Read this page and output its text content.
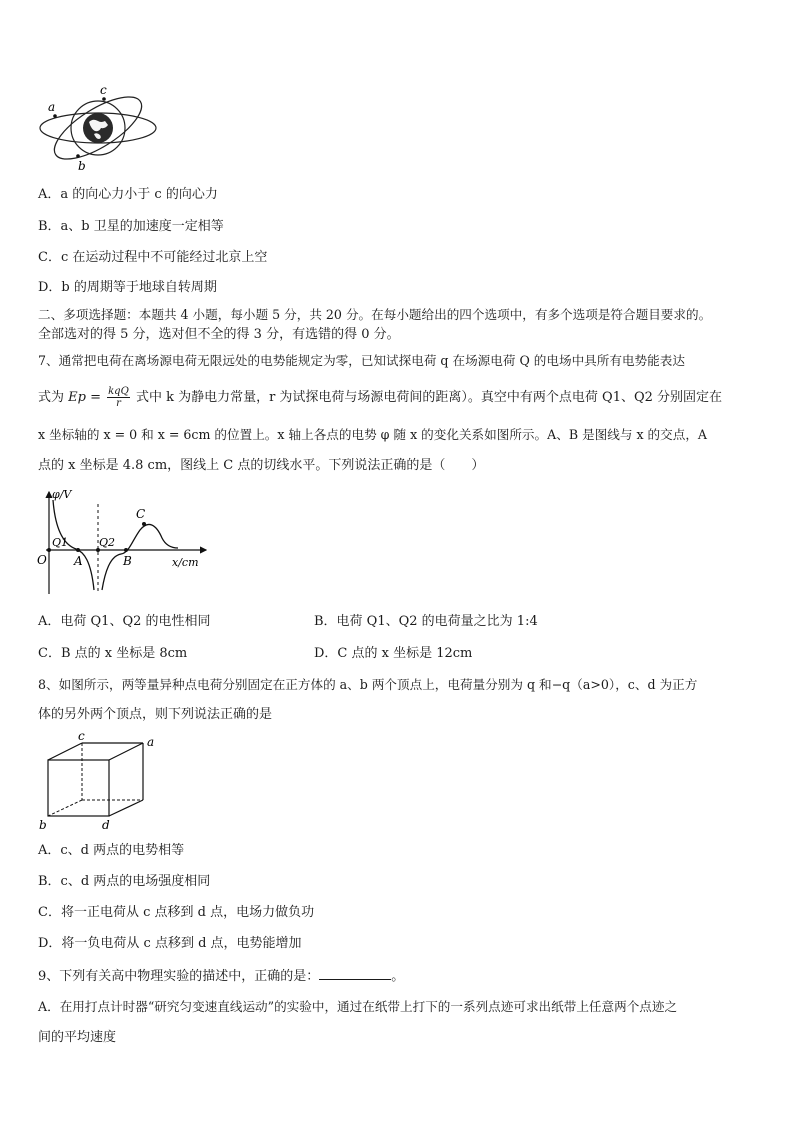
a
c
b
A．a 的向心力小于 c 的向心力
B．a、b 卫星的加速度一定相等
C．c 在运动过程中不可能经过北京上空
D．b 的周期等于地球自转周期
二、多项选择题：本题共 4 小题，每小题 5 分，共 20 分。在每小题给出的四个选项中，有多个选项是符合题目要求的。
全部选对的得 5 分，选对但不全的得 3 分，有选错的得 0 分。
7、通常把电荷在离场源电荷无限远处的电势能规定为零，已知试探电荷 q 在场源电荷 Q 的电场中具所有电势能表达
式为 $Ep = \frac{\text{kqQ}}{r}$ 式中 k 为静电力常量，r 为试探电荷与场源电荷间的距离）。真空中有两个点电荷 Q1、Q2 分别固定在
x 坐标轴的 x = 0 和 x = 6cm 的位置上。x 轴上各点的电势 φ 随 x 的变化关系如图所示。A、B 是图线与 x 的交点，A
点的 x 坐标是 4.8 cm，图线上 C 点的切线水平。下列说法正确的是（　　）
φ/V
x/cm
O
Q1	Q2
A	B
C
A．电荷 Q1、Q2 的电性相同	B．电荷 Q1、Q2 的电荷量之比为 1:4
C．B 点的 x 坐标是 8cm	D．C 点的 x 坐标是 12cm
8、如图所示，两等量异种点电荷分别固定在正方体的 a、b 两个顶点上，电荷量分别为 q 和−q（a>0），c、d 为正方
体的另外两个顶点，则下列说法正确的是
c	a
b	d
A．c、d 两点的电势相等
B．c、d 两点的电场强度相同
C．将一正电荷从 c 点移到 d 点，电场力做负功
D．将一负电荷从 c 点移到 d 点，电势能增加
9、下列有关高中物理实验的描述中，正确的是：	。
A．在用打点计时器“研究匀变速直线运动”的实验中，通过在纸带上打下的一系列点迹可求出纸带上任意两个点迹之
间的平均速度
